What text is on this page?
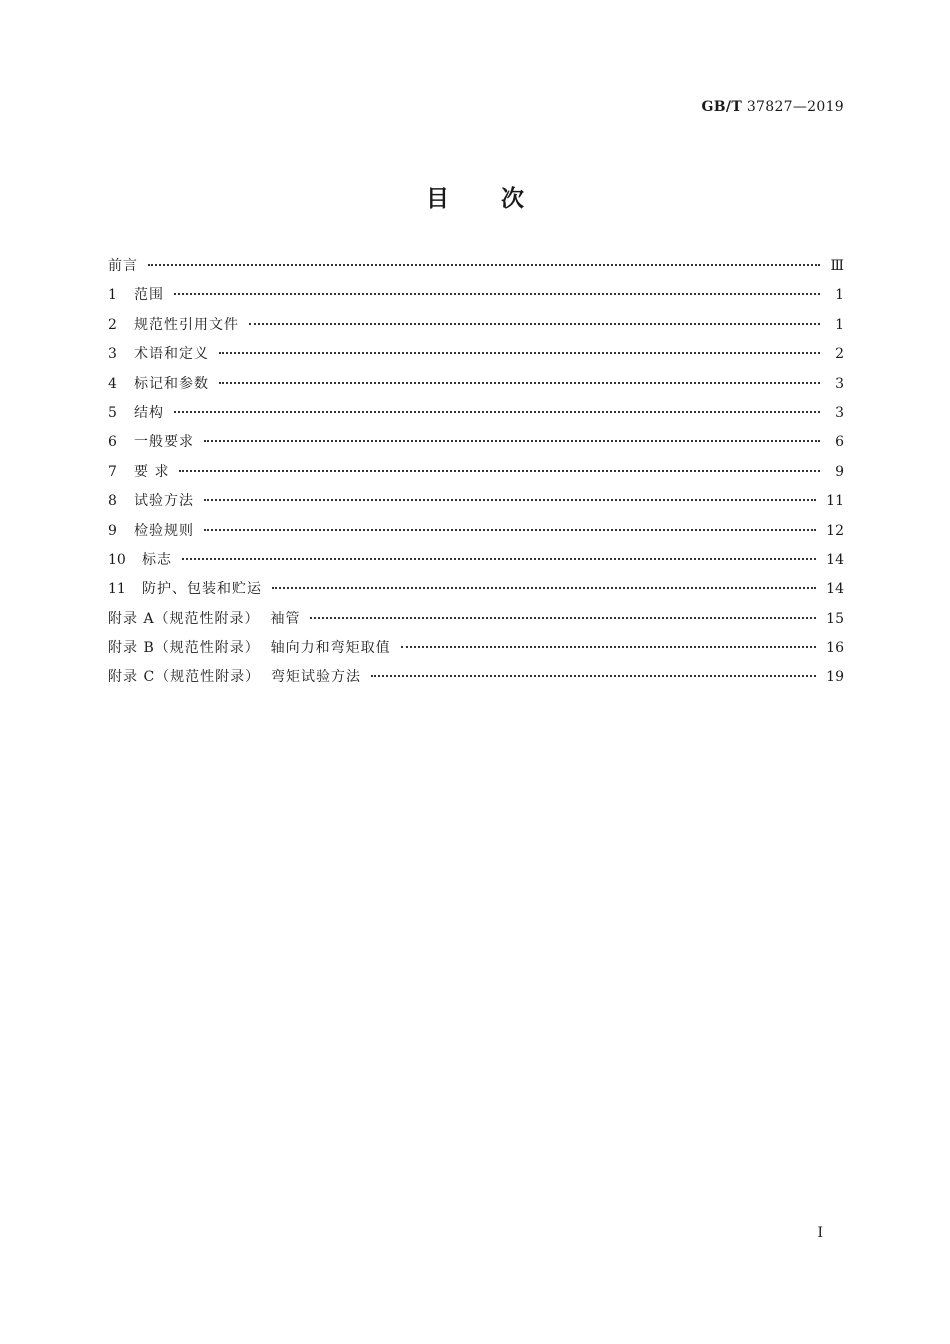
GB/T 37827—2019
目次
前言	Ⅲ
1	范围	1
2	规范性引用文件	1
3	术语和定义	2
4	标记和参数	3
5	结构	3
6	一般要求	6
7	要 求	9
8	试验方法	11
9	检验规则	12
10	标志	14
11	防护、包装和贮运	14
附录 A（规范性附录）  袖管	15
附录 B（规范性附录）  轴向力和弯矩取值	16
附录 C（规范性附录）  弯矩试验方法	19
I
